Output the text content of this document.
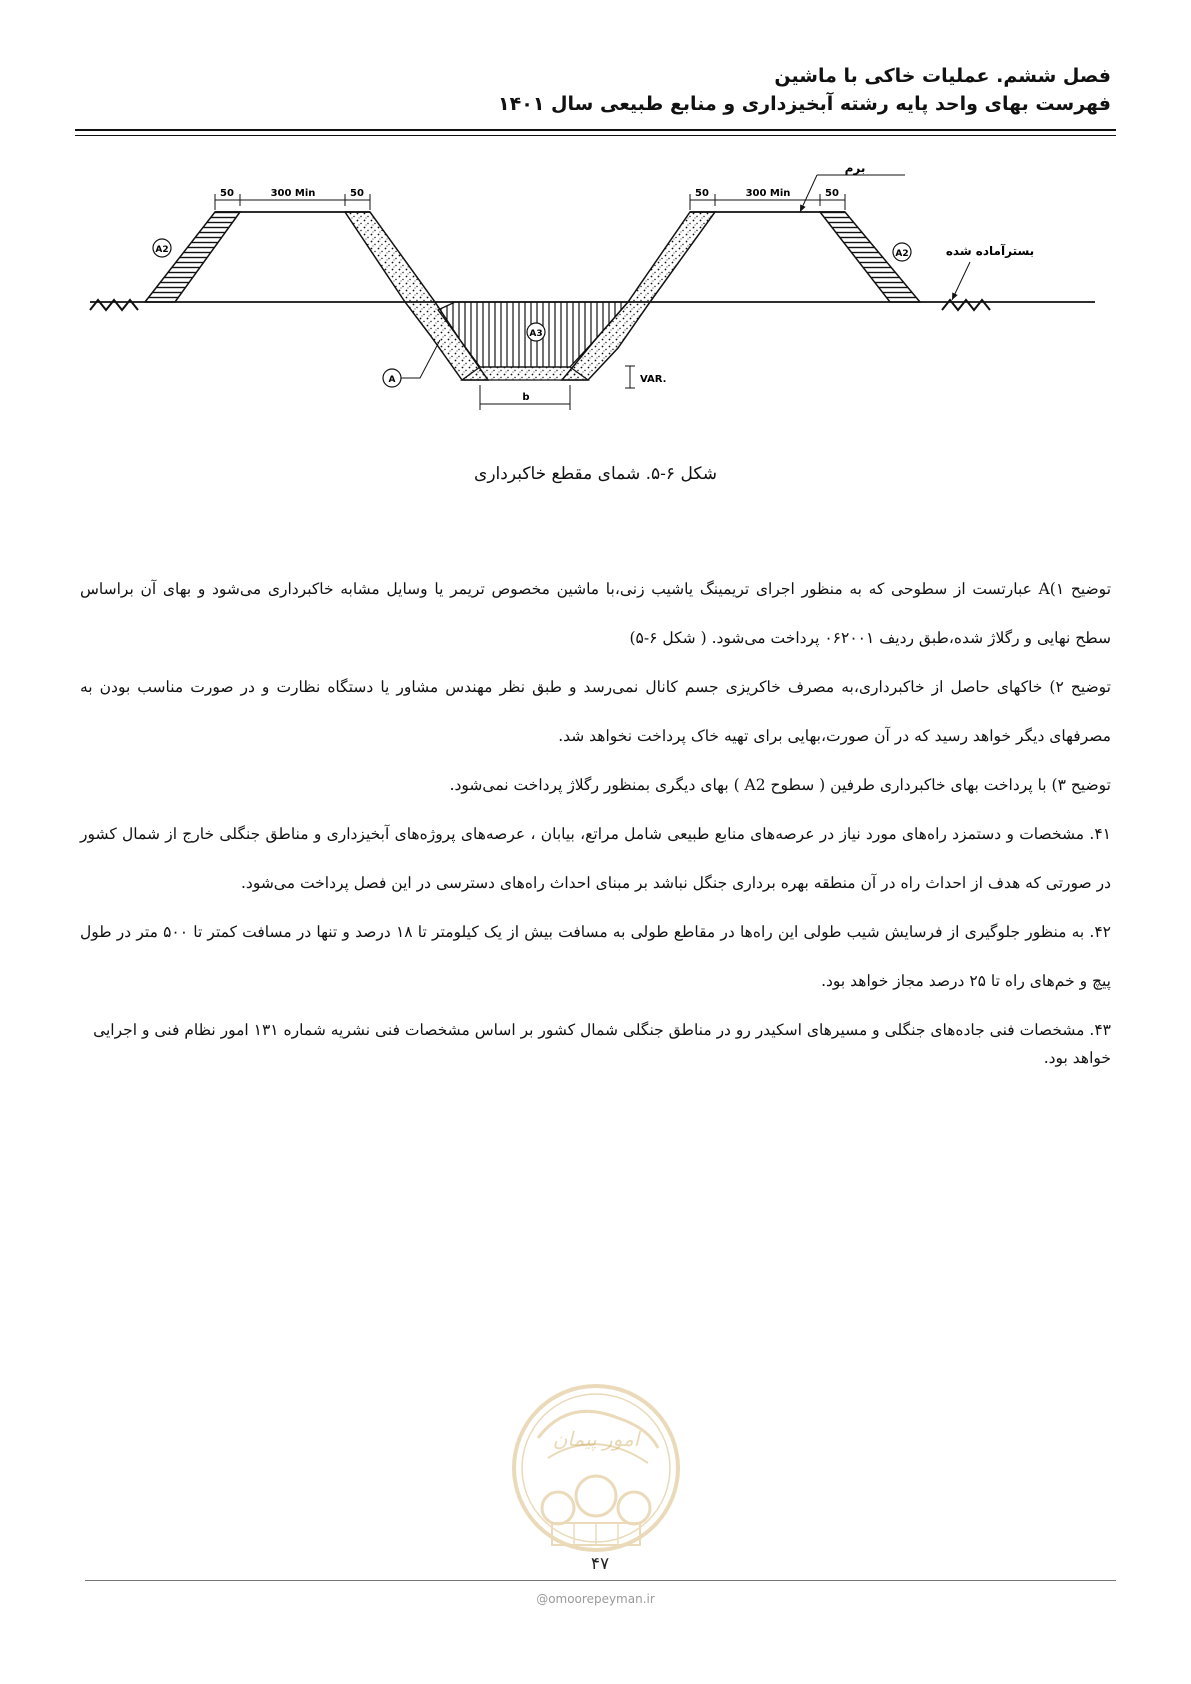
فصل ششم. عملیات خاکی با ماشین
فهرست بهای واحد پایه رشته آبخیزداری و منابع طبیعی سال ۱۴۰۱
50	300 Min	50	50	300 Min	50
برم
بسترآماده شده
A2	A2
A3
A	VAR.
b
شکل ۶-۵. شمای مقطع خاکبرداری

توضیح ۱)A عبارتست از سطوحی که به منظور اجرای تریمینگ یاشیب زنی،با ماشین مخصوص تریمر یا وسایل مشابه خاکبرداری می‌شود و بهای آن براساس سطح نهایی و رگلاژ شده،طبق ردیف ۰۶۲۰۰۱ پرداخت می‌شود. ( شکل ۶-۵)

توضیح ۲) خاکهای حاصل از خاکبرداری،به مصرف خاکریزی جسم کانال نمی‌رسد و طبق نظر مهندس مشاور یا دستگاه نظارت و در صورت مناسب بودن به مصرفهای دیگر خواهد رسید که در آن صورت،بهایی برای تهیه خاک پرداخت نخواهد شد.

توضیح ۳) با پرداخت بهای خاکبرداری طرفین ( سطوح A2 ) بهای دیگری بمنظور رگلاژ پرداخت نمی‌شود.

۴۱. مشخصات و دستمزد راه‌های مورد نیاز در عرصه‌های منابع طبیعی شامل مراتع، بیابان ، عرصه‌های پروژه‌های آبخیزداری و مناطق جنگلی خارج از شمال کشور در صورتی که هدف از احداث راه در آن منطقه بهره برداری جنگل نباشد بر مبنای احداث راه‌های دسترسی در این فصل پرداخت می‌شود.

۴۲. به منظور جلوگیری از فرسایش شیب طولی این راه‌ها در مقاطع طولی به مسافت بیش از یک کیلومتر تا ۱۸ درصد و تنها در مسافت کمتر تا ۵۰۰ متر در طول پیچ و خم‌های راه تا ۲۵ درصد مجاز خواهد بود.

۴۳. مشخصات فنی جاده‌های جنگلی و مسیرهای اسکیدر رو در مناطق جنگلی شمال کشور بر اساس مشخصات فنی نشریه شماره ۱۳۱ امور نظام فنی و اجرایی خواهد بود.

امور پیمان
۴۷
@omoorepeyman.ir
